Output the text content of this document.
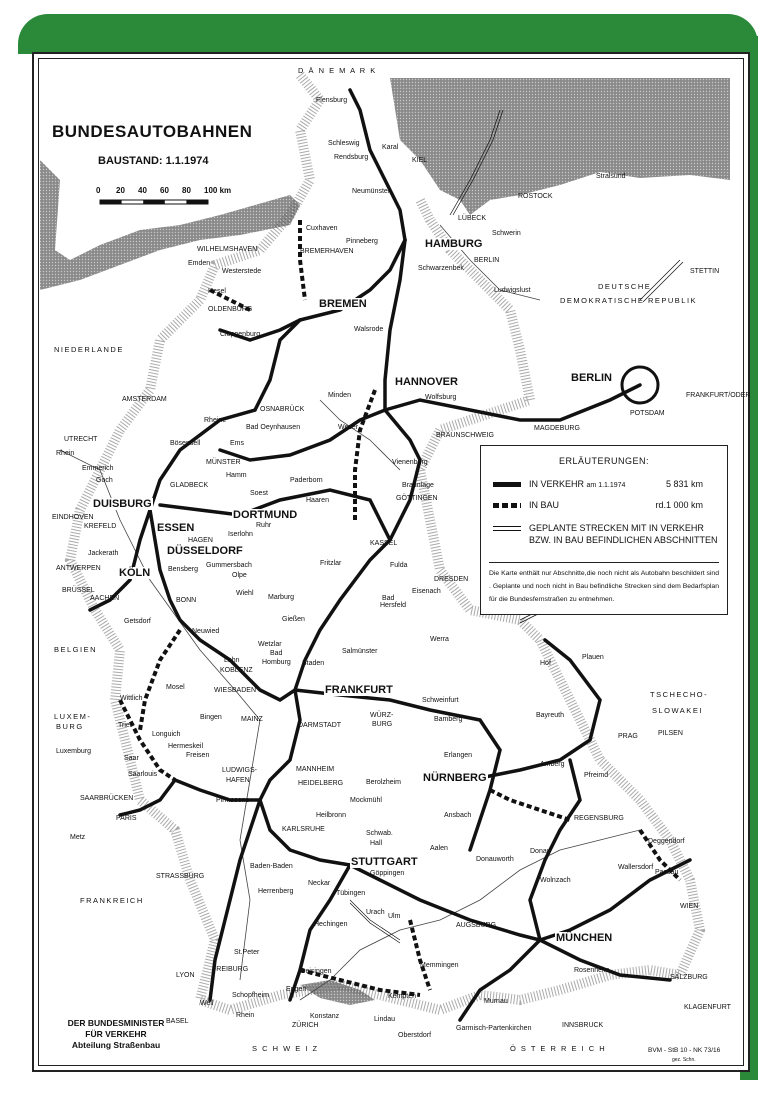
BUNDESAUTOBAHNEN
BAUSTAND: 1.1.1974
0 20 40 60 80 100 km
D Ä N E M A R K
NIEDERLANDE
BELGIEN
LUXEM-
BURG
FRANKREICH
S C H W E I Z	Ö S T E R R E I C H
TSCHECHO-
SLOWAKEI
DEUTSCHE
DEMOKRATISCHE REPUBLIK
HAMBURG
BREMEN
HANNOVER	BERLIN
DUISBURG
ESSEN
DORTMUND
DÜSSELDORF
KÖLN
FRANKFURT
NÜRNBERG
STUTTGART
MÜNCHEN
Flensburg
Schleswig
Karal
Rendsburg	KIEL
Neumünster
Stralsund
ROSTOCK
LÜBECK
Schwerin
Cuxhaven
Pinneberg
WILHELMSHAVEN	BREMERHAVEN
Emden
Westerstede
Hesel
OLDENBURG
Schwarzenbek
BERLIN
Ludwigslust
Cloppenburg
Walsrode
Minden
OSNABRÜCK
Wolfsburg
Bad Oeynhausen
Rheine
AMSTERDAM
UTRECHT
Rhein
Emmerich
Goch
Bösensell	Ems
MÜNSTER
Hamm
GLADBECK
Paderborn
Soest
Haaren
Weser
BRAUNSCHWEIG
MAGDEBURG
POTSDAM
FRANKFURT/ODER
STETTIN
Vienenburg
Braunlage
GÖTTINGEN
EINDHOVEN
KREFELD
Iserlohn
HAGEN
Ruhr
Jackerath
ANTWERPEN
BRÜSSEL
Bensberg
Gummersbach
Olpe
AACHEN	BONN
Wiehl
Fritzlar
KASSEL
Fulda
Hersfeld
Bad
Eisenach
DRESDEN
Getsdorf
Neuwied
Marburg
Gießen
Wetzlar
Lahn
KOBLENZ
Bad
Homburg Staden
Salmünster
Werra
Plauen
Hof
Wittlich
Mosel	WIESBADEN
MAINZ
Bingen
DARMSTADT
Schweinfurt
WÜRZ-
BURG
Bamberg
Bayreuth
Trier
Longuich
Hermeskeil
Freisen
Luxemburg
Saar
Saarlouis
LUDWIGS-
HAFEN
MANNHEIM
HEIDELBERG	Berolzheim
Erlangen
PRAG	PILSEN
Amberg
Pfreimd
SAARBRÜCKEN
PARIS
Pirmasens	Mockmühl
Heilbronn	Ansbach	REGENSBURG
Metz
KARLSRUHE
Schwab.
Hall	Deggendorf
Aalen
Göppingen
Donauworth
Donau
Wallersdorf
Passau
STRASSBURG
Baden-Baden
Wolnzach
Herrenberg
Neckar
Tübingen
Urach
Ulm
WIEN
Hechingen	AUGSBURG
St.Peter
FREIBURG	Geisingen
Memmingen
Rosenheim
SALZBURG
LYON
Weil
Schopfheim
Engen
BASEL
Konstanz
Kempten
Lindau
Oberstdorf
Murnau
Garmisch-Partenkirchen
KLAGENFURT
INNSBRUCK
ZÜRICH
Rhein
ERLÄUTERUNGEN:
IN VERKEHR am 1.1.1974	5 831 km
IN BAU	rd.1 000 km
GEPLANTE STRECKEN MIT IN VERKEHR
BZW. IN BAU BEFINDLICHEN ABSCHNITTEN
Die Karte enthält nur Abschnitte,die noch nicht als Autobahn beschildert sind . Geplante und noch nicht in Bau befindliche Strecken sind dem Bedarfsplan für die Bundesfernstraßen zu entnehmen.
DER BUNDESMINISTER
FÜR VERKEHR
Abteilung Straßenbau
BVM - StB 10 - NK 73/16
gez. Schn.
